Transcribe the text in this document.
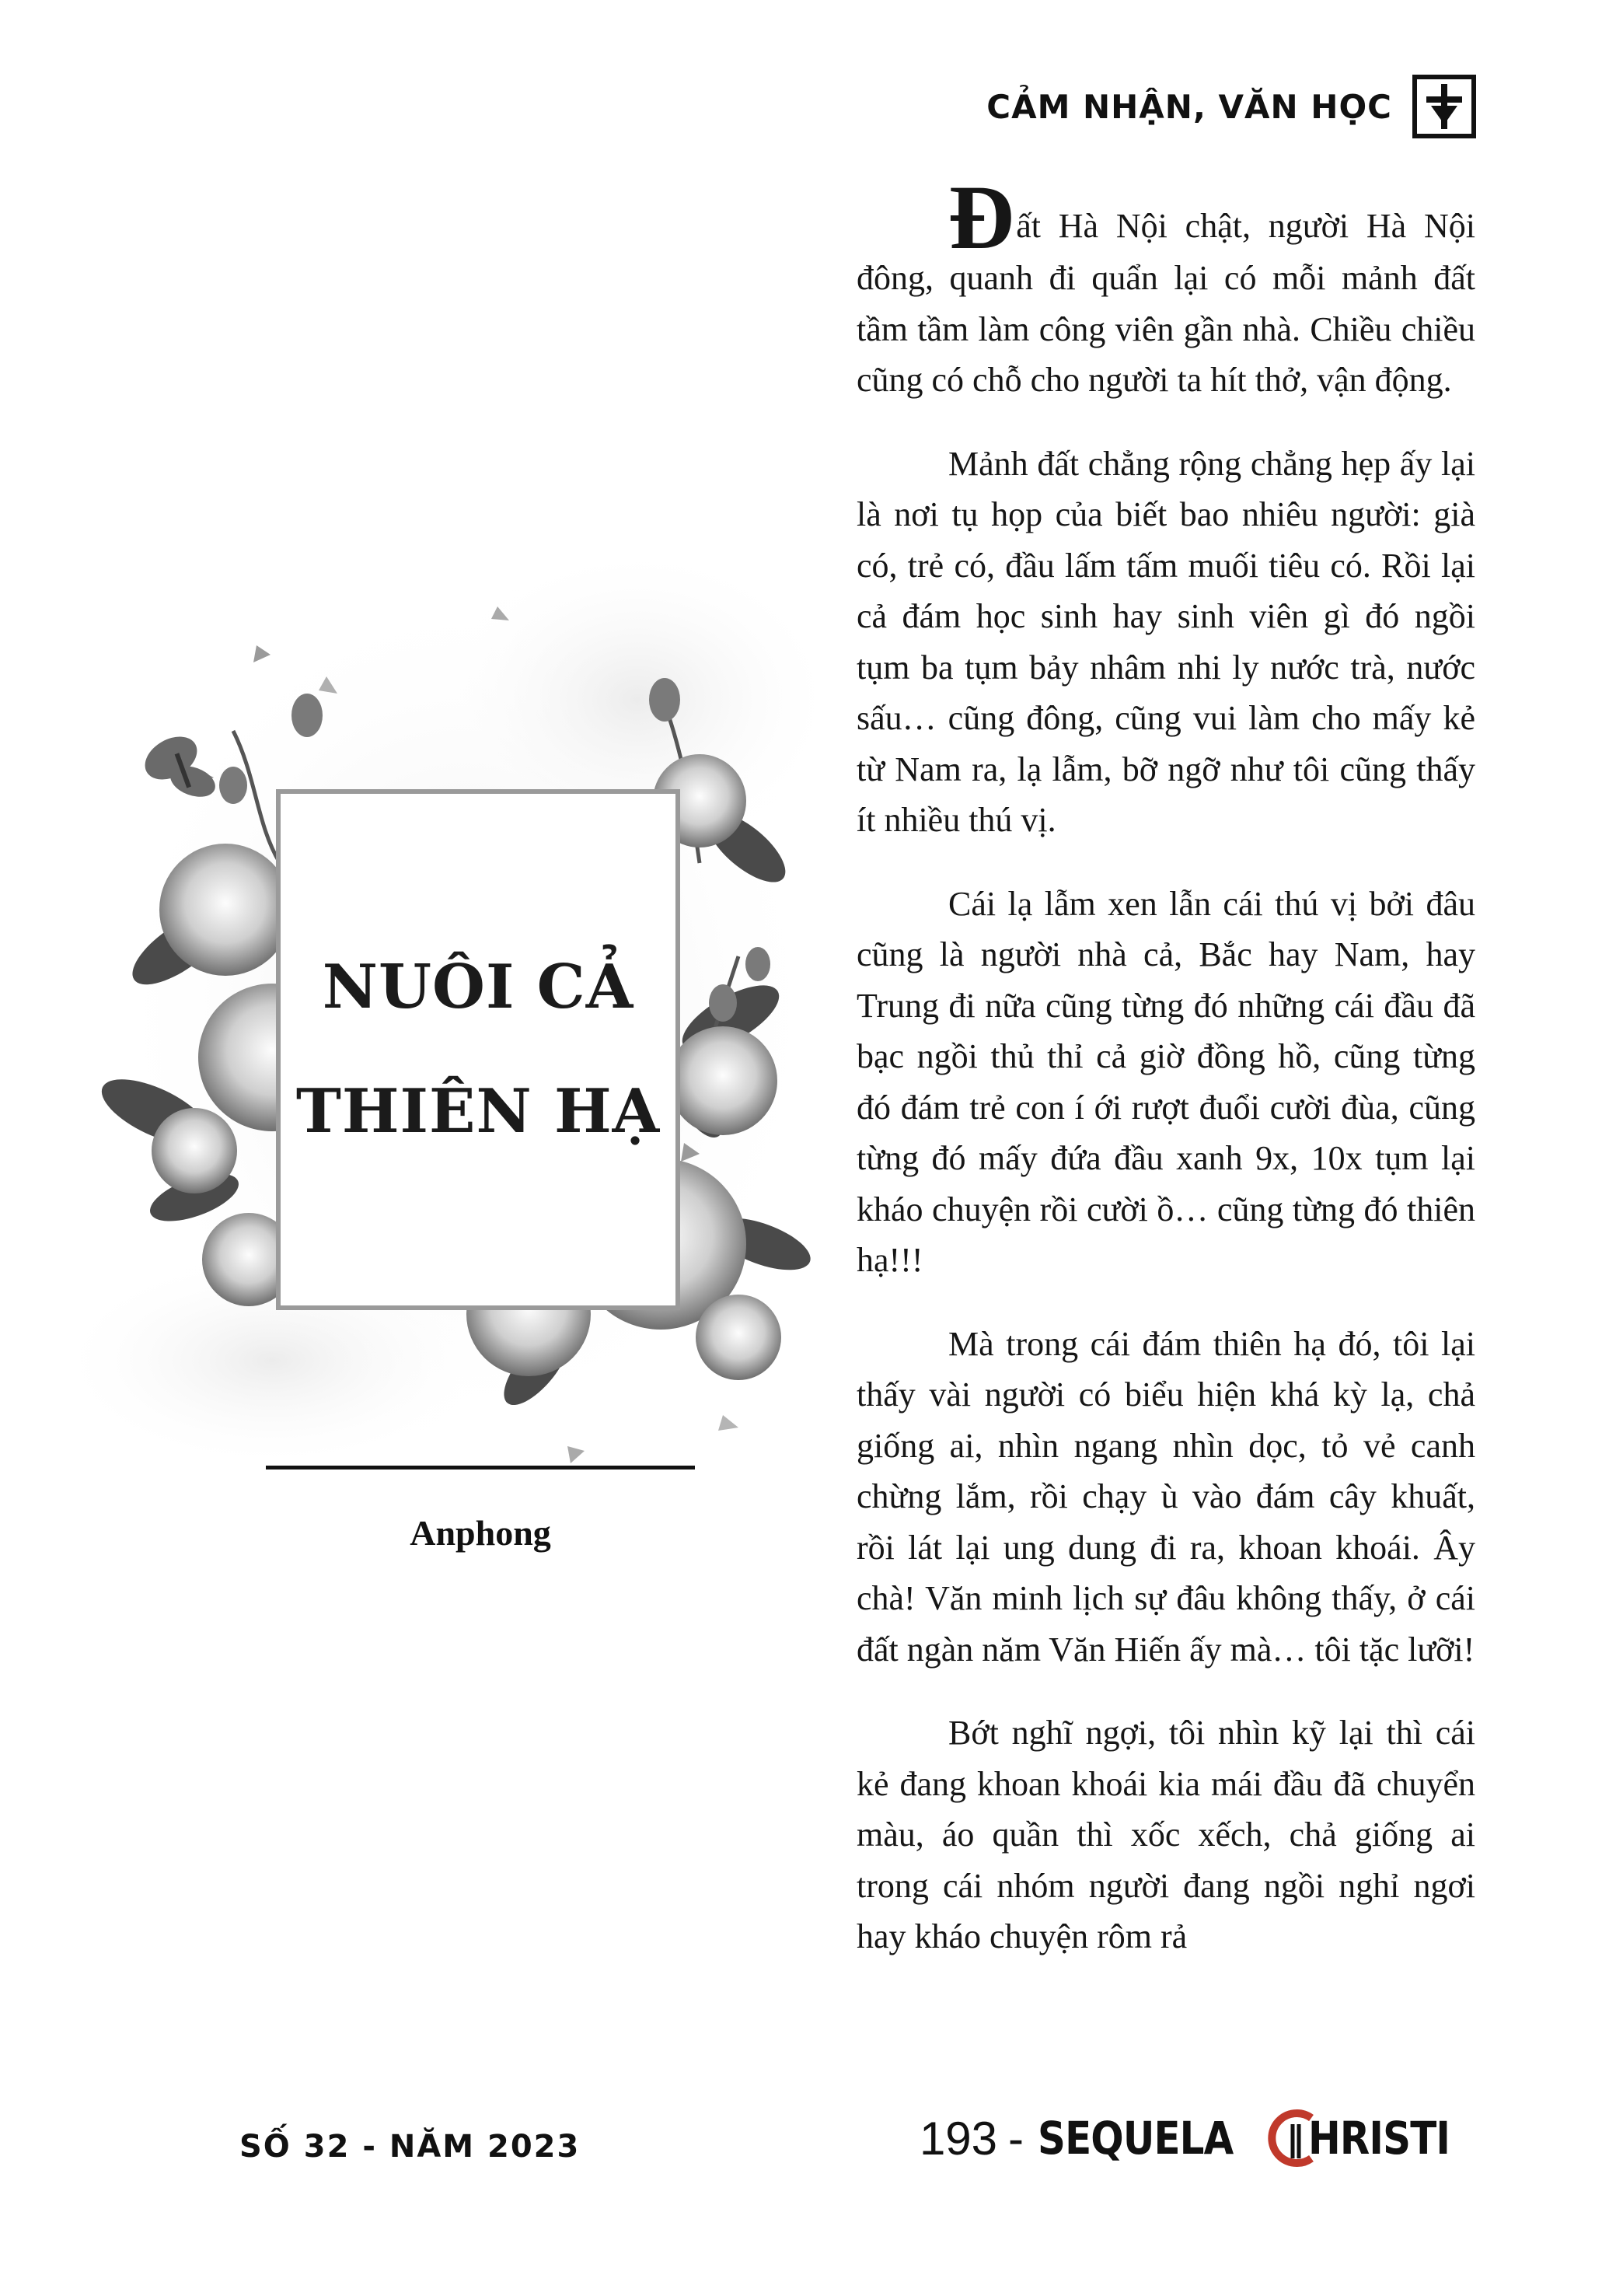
CẢM NHẬN, VĂN HỌC
NUÔI CẢ
THIÊN HẠ
Anphong

Đất Hà Nội chật, người Hà Nội đông, quanh đi quẩn lại có mỗi mảnh đất tầm tầm làm công viên gần nhà. Chiều chiều cũng có chỗ cho người ta hít thở, vận động.

Mảnh đất chẳng rộng chẳng hẹp ấy lại là nơi tụ họp của biết bao nhiêu người: già có, trẻ có, đầu lấm tấm muối tiêu có. Rồi lại cả đám học sinh hay sinh viên gì đó ngồi tụm ba tụm bảy nhâm nhi ly nước trà, nước sấu… cũng đông, cũng vui làm cho mấy kẻ từ Nam ra, lạ lẫm, bỡ ngỡ như tôi cũng thấy ít nhiều thú vị.

Cái lạ lẫm xen lẫn cái thú vị bởi đâu cũng là người nhà cả, Bắc hay Nam, hay Trung đi nữa cũng từng đó những cái đầu đã bạc ngồi thủ thỉ cả giờ đồng hồ, cũng từng đó đám trẻ con í ới rượt đuổi cười đùa, cũng từng đó mấy đứa đầu xanh 9x, 10x tụm lại kháo chuyện rồi cười ồ… cũng từng đó thiên hạ!!!

Mà trong cái đám thiên hạ đó, tôi lại thấy vài người có biểu hiện khá kỳ lạ, chả giống ai, nhìn ngang nhìn dọc, tỏ vẻ canh chừng lắm, rồi chạy ù vào đám cây khuất, rồi lát lại ung dung đi ra, khoan khoái. Ây chà! Văn minh lịch sự đâu không thấy, ở cái đất ngàn năm Văn Hiến ấy mà… tôi tặc lưỡi!

Bớt nghĩ ngợi, tôi nhìn kỹ lại thì cái kẻ đang khoan khoái kia mái đầu đã chuyển màu, áo quần thì xốc xếch, chả giống ai trong cái nhóm người đang ngồi nghỉ ngơi hay kháo chuyện rôm rả

SỐ 32 - NĂM 2023	193 - SEQUELA HRISTI
